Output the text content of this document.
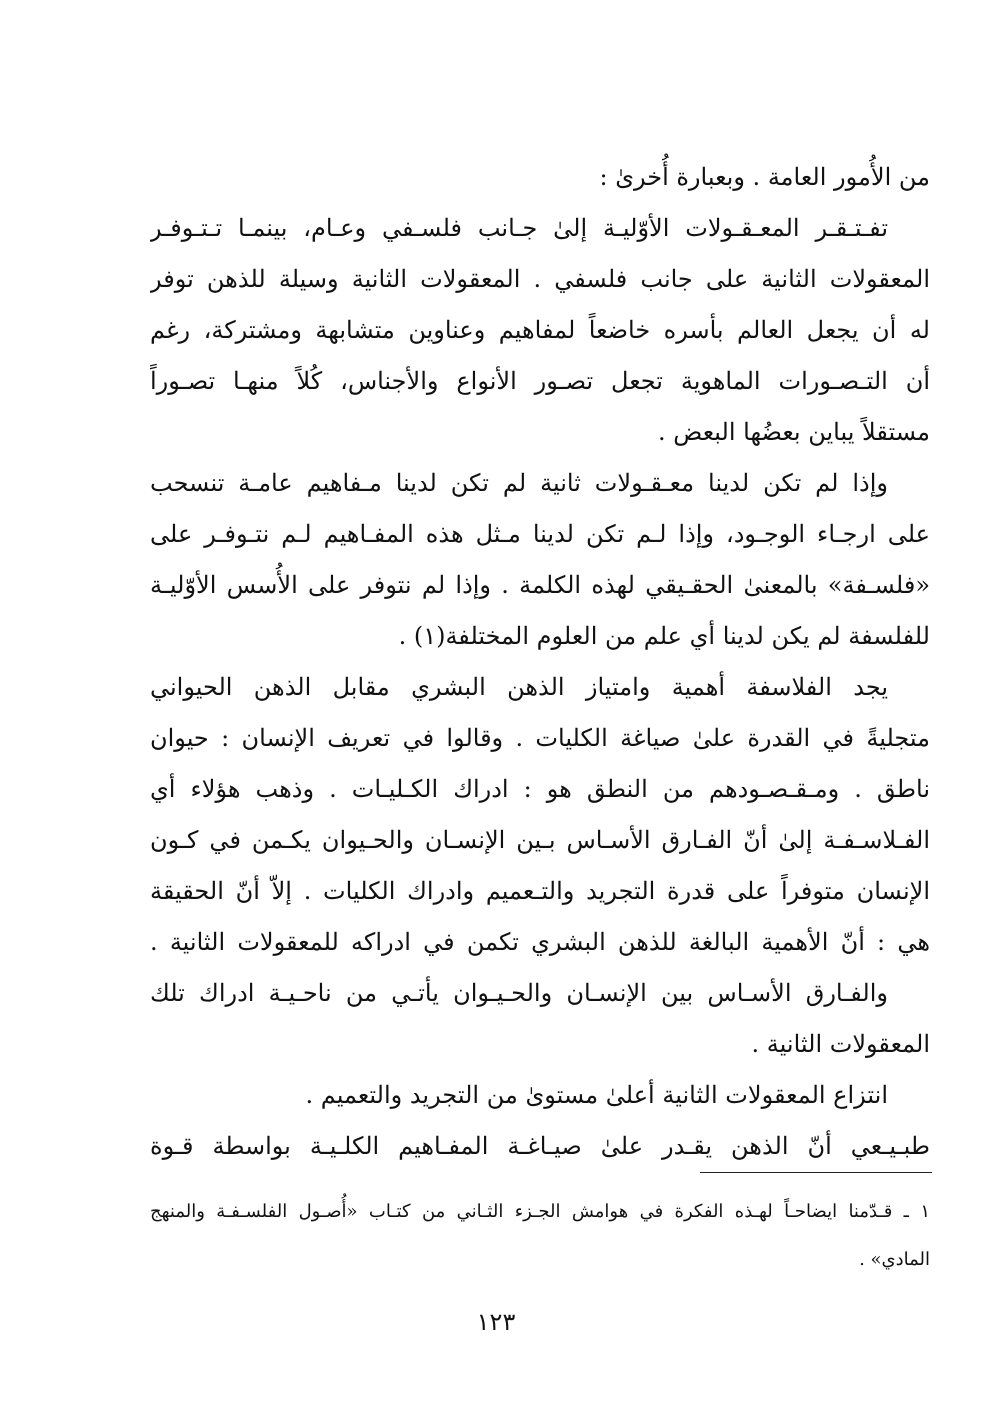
من الأُمور العامة . وبعبارة أُخرىٰ :
تفـتـقـر المعـقـولات الأوّليـة إلىٰ جـانب فلسـفي وعـام، بينمـا تـتـوفـر
المعقولات الثانية على جانب فلسفي . المعقولات الثانية وسيلة للذهن توفر
له أن يجعل العالم بأسره خاضعاً لمفاهيم وعناوين متشابهة ومشتركة، رغم
أن التـصـورات الماهوية تجعل تصـور الأنواع والأجناس، كُلاً منهـا تصـوراً
مستقلاً يباين بعضُها البعض .
وإذا لم تكن لدينا معـقـولات ثانية لم تكن لدينا مـفاهيم عامـة تنسحب
على ارجـاء الوجـود، وإذا لـم تكن لدينا مـثل هذه المفـاهيم لـم نتـوفـر على
«فلسـفة» بالمعنىٰ الحقـيقي لهذه الكلمة . وإذا لم نتوفر على الأُسس الأوّليـة
للفلسفة لم يكن لدينا أي علم من العلوم المختلفة(١) .
يجد الفلاسفة أهمية وامتياز الذهن البشري مقابل الذهن الحيواني
متجليةً في القدرة علىٰ صياغة الكليات . وقالوا في تعريف الإنسان : حيوان
ناطق . ومـقـصـودهم من النطق هو : ادراك الكـليـات . وذهب هؤلاء أي
الفـلاسـفـة إلىٰ أنّ الفـارق الأسـاس بـين الإنسـان والحـيوان يكـمن في كـون
الإنسان متوفراً على قدرة التجريد والتـعميم وادراك الكليات . إلاّ أنّ الحقيقة
هي : أنّ الأهمية البالغة للذهن البشري تكمن في ادراكه للمعقولات الثانية .
والفـارق الأسـاس بين الإنسـان والحـيـوان يأتـي من ناحـيـة ادراك تلك
المعقولات الثانية .
انتزاع المعقولات الثانية أعلىٰ مستوىٰ من التجريد والتعميم .
طبـيـعي أنّ الذهن يقـدر علىٰ صيـاغـة المفـاهيم الكلـيـة بواسطة قـوة
١ ـ قـدّمنا ايضاحـاً لهـذه الفكرة في هوامش الجـزء الثـاني من كتـاب «أُصـول الفلسـفـة والمنهج
المادي» .
١٢٣
